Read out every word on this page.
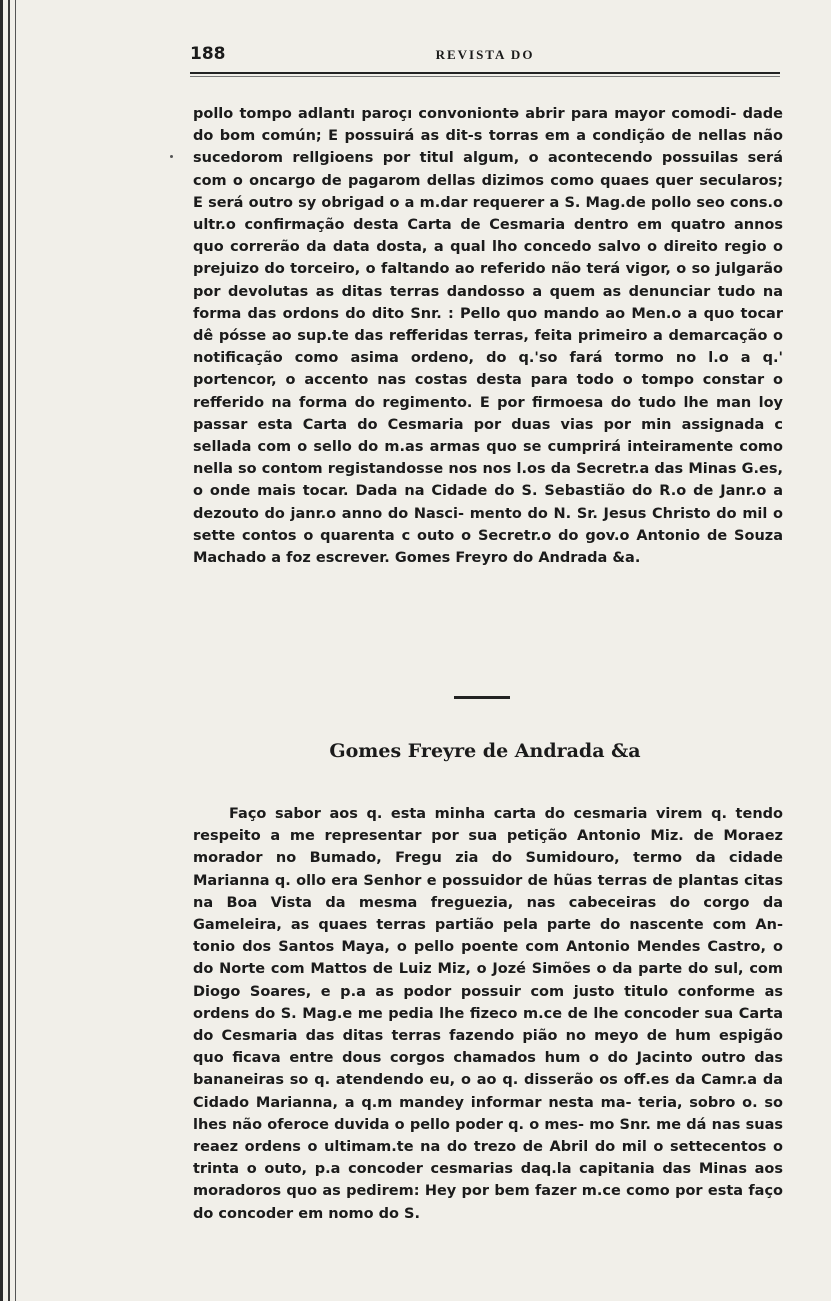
188	REVISTA DO

pollo tompo adlantı paroçı convoniontə abrir para mayor comodi- dade do bom común; E possuirá as dit-s torras em a condição de nellas não sucedorom rellgioens por titul algum, o acontecendo possuilas será com o oncargo de pagarom dellas dizimos como quaes quer secularos; E será outro sy obrigad o a m.dar requerer a S. Mag.de pollo seo cons.o ultr.o confirmação desta Carta de Cesmaria dentro em quatro annos quo correrão da data dosta, a qual lho concedo salvo o direito regio o prejuizo do torceiro, o faltando ao referido não terá vigor, o so julgarão por devolutas as ditas terras dandosso a quem as denunciar tudo na forma das ordons do dito Snr. : Pello quo mando ao Men.o a quo tocar dê pósse ao sup.te das refferidas terras, feita primeiro a demarcação o notificação como asima ordeno, do q.'so fará tormo no l.o a q.' portencor, o accento nas costas desta para todo o tompo constar o refferido na forma do regimento. E por firmoesa do tudo lhe man loy passar esta Carta do Cesmaria por duas vias por min assignada c sellada com o sello do m.as armas quo se cumprirá inteiramente como nella so contom registandosse nos nos l.os da Secretr.a das Minas G.es, o onde mais tocar. Dada na Cidade do S. Sebastião do R.o de Janr.o a dezouto do janr.o anno do Nasci- mento do N. Sr. Jesus Christo do mil o sette contos o quarenta c outo o Secretr.o do gov.o Antonio de Souza Machado a foz escrever. Gomes Freyro do Andrada &a.

Gomes Freyre de Andrada &a

Faço sabor aos q. esta minha carta do cesmaria virem q. tendo respeito a me representar por sua petição Antonio Miz. de Moraez morador no Bumado, Fregu zia do Sumidouro, termo da cidade Marianna q. ollo era Senhor e possuidor de hũas terras de plantas citas na Boa Vista da mesma freguezia, nas cabeceiras do corgo da Gameleira, as quaes terras partião pela parte do nascente com An- tonio dos Santos Maya, o pello poente com Antonio Mendes Castro, o do Norte com Mattos de Luiz Miz, o Jozé Simões o da parte do sul, com Diogo Soares, e p.a as podor possuir com justo titulo conforme as ordens do S. Mag.e me pedia lhe fizeco m.ce de lhe concoder sua Carta do Cesmaria das ditas terras fazendo pião no meyo de hum espigão quo ficava entre dous corgos chamados hum o do Jacinto outro das bananeiras so q. atendendo eu, o ao q. disserão os off.es da Camr.a da Cidado Marianna, a q.m mandey informar nesta ma- teria, sobro o. so lhes não oferoce duvida o pello poder q. o mes- mo Snr. me dá nas suas reaez ordens o ultimam.te na do trezo de Abril do mil o settecentos o trinta o outo, p.a concoder cesmarias daq.la capitania das Minas aos moradoros quo as pedirem: Hey por bem fazer m.ce como por esta faço do concoder em nomo do S.
